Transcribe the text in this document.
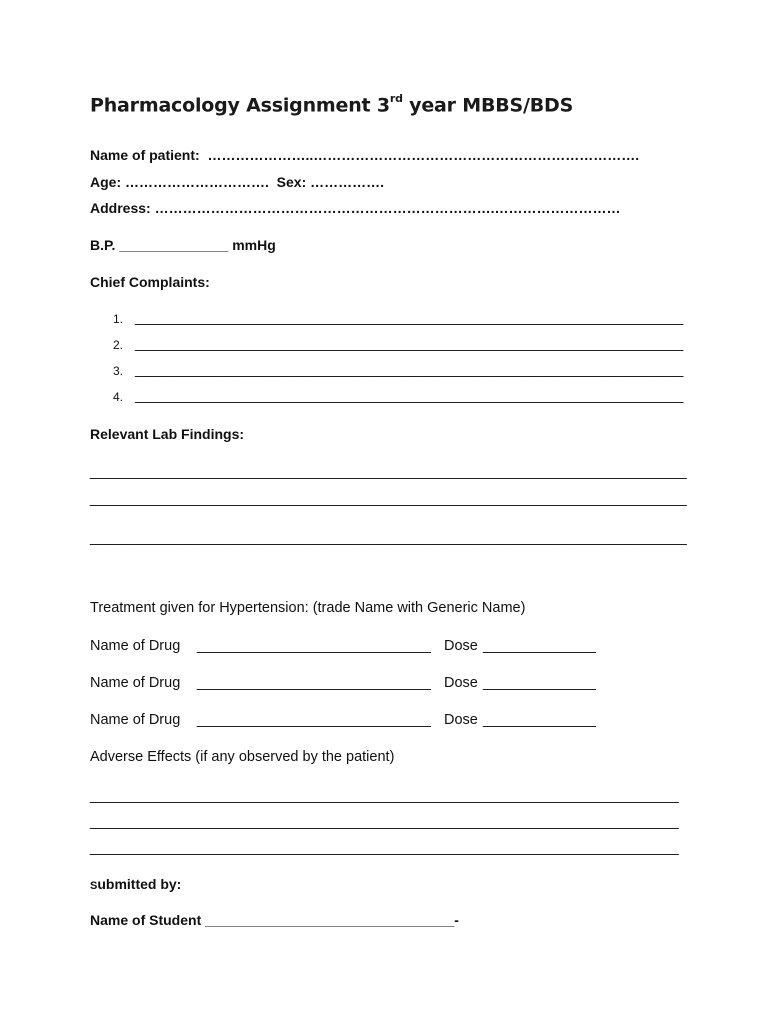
Pharmacology Assignment 3rd year MBBS/BDS
Name of patient:  …………………..…………………………………………………………….
Age: ………………………….  Sex: …………….
Address: ……………………………………………………………….………………………
B.P. ______________ mmHg
Chief Complaints:
1. ____________________________________________________________________
2. ____________________________________________________________________
3. ____________________________________________________________________
4. ____________________________________________________________________
Relevant Lab Findings:
__________________________________________________________________________
__________________________________________________________________________
__________________________________________________________________________
Treatment given for Hypertension: (trade Name with Generic Name)
Name of Drug _____________________________ Dose ______________
Name of Drug _____________________________ Dose ______________
Name of Drug _____________________________ Dose ______________
Adverse Effects (if any observed by the patient)
_________________________________________________________________________
_________________________________________________________________________
_________________________________________________________________________
Submitted by:
Name of Student ________________________________-
